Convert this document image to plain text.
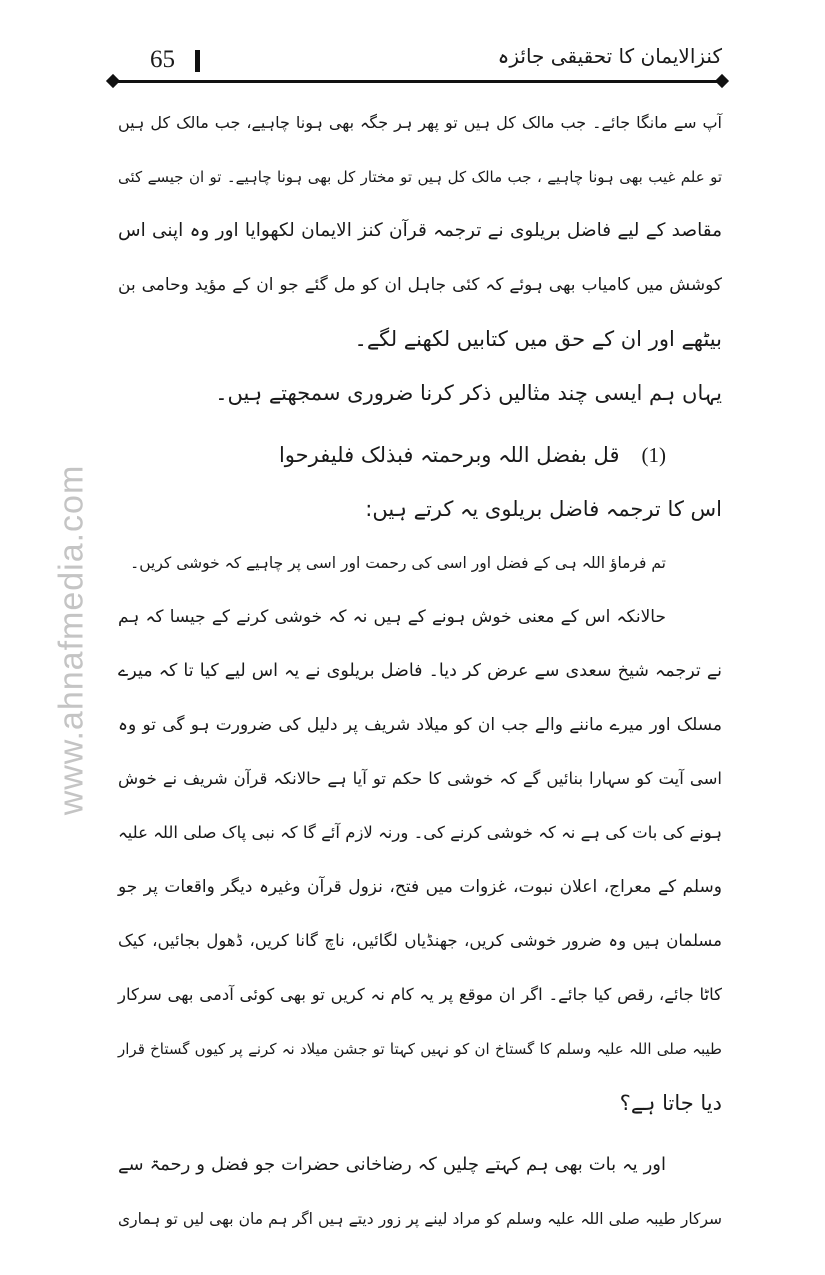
65	کنزالایمان کا تحقیقی جائزہ
www.ahnafmedia.com
آپ سے مانگا جائے۔ جب مالک کل ہیں تو پھر ہر جگہ بھی ہونا چاہیے، جب مالک کل ہیں
تو علم غیب بھی ہونا چاہیے ، جب مالک کل ہیں تو مختار کل بھی ہونا چاہیے۔ تو ان جیسے کئی
مقاصد کے لیے فاضل بریلوی نے ترجمہ قرآن کنز الایمان لکھوایا اور وہ اپنی اس
کوشش میں کامیاب بھی ہوئے کہ کئی جاہل ان کو مل گئے جو ان کے مؤید وحامی بن
بیٹھے اور ان کے حق میں کتابیں لکھنے لگے۔
یہاں ہم ایسی چند مثالیں ذکر کرنا ضروری سمجھتے ہیں۔
(1)
قل بفضل اللہ وبرحمتہ فبذلک فلیفرحوا
اس کا ترجمہ فاضل بریلوی یہ کرتے ہیں:
تم فرماؤ اللہ ہی کے فضل اور اسی کی رحمت اور اسی پر چاہیے کہ خوشی کریں۔
حالانکہ اس کے معنی خوش ہونے کے ہیں نہ کہ خوشی کرنے کے جیسا کہ ہم
نے ترجمہ شیخ سعدی سے عرض کر دیا۔ فاضل بریلوی نے یہ اس لیے کیا تا کہ میرے
مسلک اور میرے ماننے والے جب ان کو میلاد شریف پر دلیل کی ضرورت ہو گی تو وہ
اسی آیت کو سہارا بنائیں گے کہ خوشی کا حکم تو آیا ہے حالانکہ قرآن شریف نے خوش
ہونے کی بات کی ہے نہ کہ خوشی کرنے کی۔ ورنہ لازم آئے گا کہ نبی پاک صلی اللہ علیہ
وسلم کے معراج، اعلان نبوت، غزوات میں فتح، نزول قرآن وغیرہ دیگر واقعات پر جو
مسلمان ہیں وہ ضرور خوشی کریں، جھنڈیاں لگائیں، ناچ گانا کریں، ڈھول بجائیں، کیک
کاٹا جائے، رقص کیا جائے۔ اگر ان موقع پر یہ کام نہ کریں تو بھی کوئی آدمی بھی سرکار
طیبہ صلی اللہ علیہ وسلم کا گستاخ ان کو نہیں کہتا تو جشن میلاد نہ کرنے پر کیوں گستاخ قرار
دیا جاتا ہے؟
اور یہ بات بھی ہم کہتے چلیں کہ رضاخانی حضرات جو فضل و رحمۃ سے
سرکار طیبہ صلی اللہ علیہ وسلم کو مراد لینے پر زور دیتے ہیں اگر ہم مان بھی لیں تو ہماری
